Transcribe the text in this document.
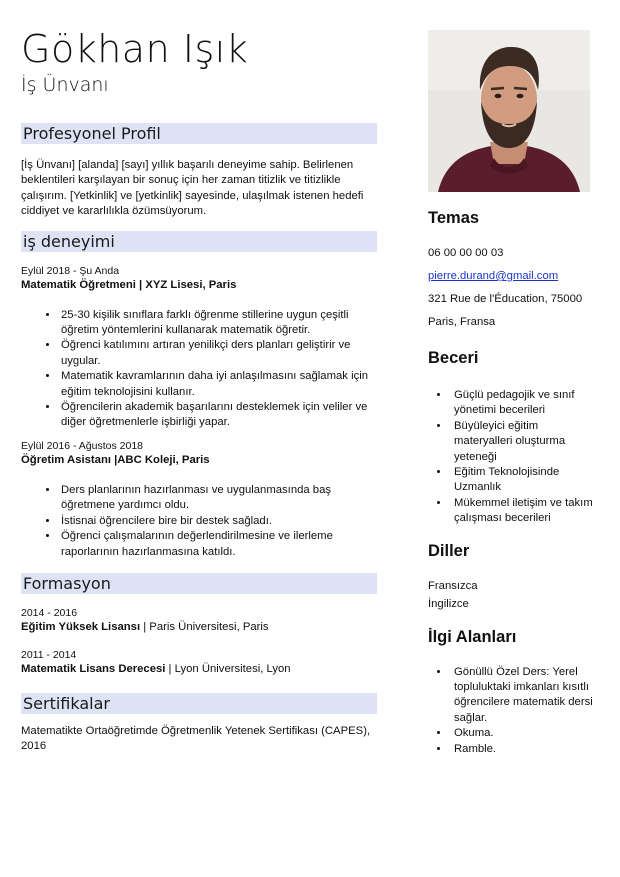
Gökhan Işık
İş Ünvanı
Profesyonel Profil

[İş Ünvanı] [alanda] [sayı] yıllık başarılı deneyime sahip. Belirlenen beklentileri karşılayan bir sonuç için her zaman titizlik ve titizlikle çalışırım. [Yetkinlik] ve [yetkinlik] sayesinde, ulaşılmak istenen hedefi ciddiyet ve kararlılıkla özümsüyorum.

iş deneyimi

Eylül 2018 - Şu Anda

Matematik Öğretmeni | XYZ Lisesi, Paris

• 25-30 kişilik sınıflara farklı öğrenme stillerine uygun çeşitli öğretim yöntemlerini kullanarak matematik öğretir.
• Öğrenci katılımını artıran yenilikçi ders planları geliştirir ve uygular.
• Matematik kavramlarının daha iyi anlaşılmasını sağlamak için eğitim teknolojisini kullanır.
• Öğrencilerin akademik başarılarını desteklemek için veliler ve diğer öğretmenlerle işbirliği yapar.

Eylül 2016 - Ağustos 2018

Öğretim Asistanı |ABC Koleji, Paris

• Ders planlarının hazırlanması ve uygulanmasında baş öğretmene yardımcı oldu.
• İstisnai öğrencilere bire bir destek sağladı.
• Öğrenci çalışmalarının değerlendirilmesine ve ilerleme raporlarının hazırlanmasına katıldı.
Formasyon

2014 - 2016

Eğitim Yüksek Lisansı | Paris Üniversitesi, Paris

2011 - 2014

Matematik Lisans Derecesi | Lyon Üniversitesi, Lyon

Sertifikalar

Matematikte Ortaöğretimde Öğretmenlik Yetenek Sertifikası (CAPES), 2016

Temas

06 00 00 00 03

pierre.durand@gmail.com

321 Rue de l'Éducation, 75000

Paris, Fransa

Beceri
• Güçlü pedagojik ve sınıf yönetimi becerileri
• Büyüleyici eğitim materyalleri oluşturma yeteneği
• Eğitim Teknolojisinde Uzmanlık
• Mükemmel iletişim ve takım çalışması becerileri
Diller

Fransızca

İngilizce

İlgi Alanları
• Gönüllü Özel Ders: Yerel topluluktaki imkanları kısıtlı öğrencilere matematik dersi sağlar.
• Okuma.
• Ramble.
